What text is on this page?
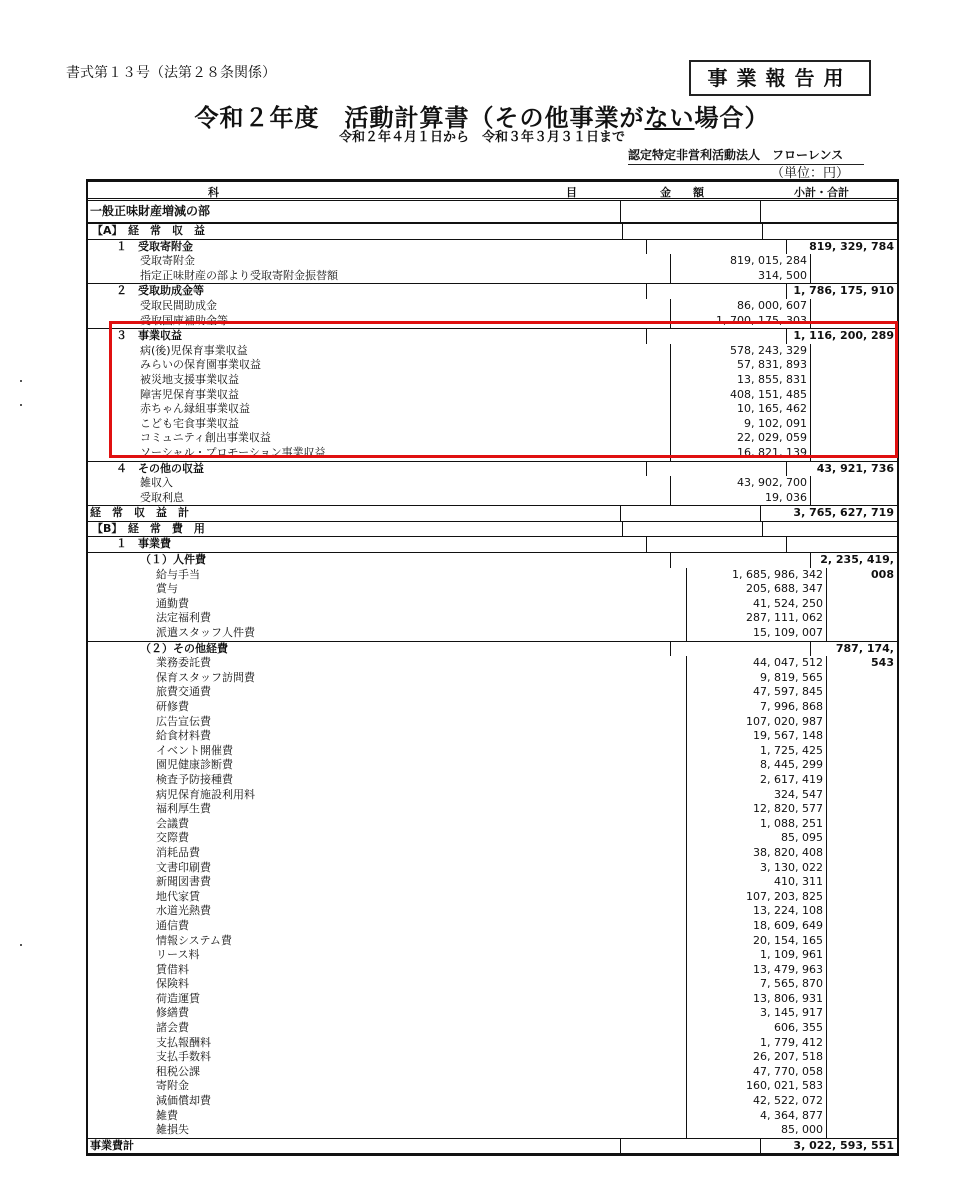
書式第１３号（法第２８条関係）	事業報告用
令和２年度　活動計算書（その他事業がない場合）
令和２年４月１日から　令和３年３月３１日まで
認定特定非営利活動法人　フローレンス
（単位：円）
科	目	金　　額	小計・合計
一般正味財産増減の部
【A】　経　常　収　益
１　受取寄附金	819, 329, 784
受取寄附金	819, 015, 284
指定正味財産の部より受取寄附金振替額	314, 500
２　受取助成金等	1, 786, 175, 910
受取民間助成金	86, 000, 607
受取国庫補助金等	1, 700, 175, 303
３　事業収益	1, 116, 200, 289
病(後)児保育事業収益	578, 243, 329
みらいの保育園事業収益	57, 831, 893
被災地支援事業収益	13, 855, 831
障害児保育事業収益	408, 151, 485
赤ちゃん縁組事業収益	10, 165, 462
こども宅食事業収益	9, 102, 091
コミュニティ創出事業収益	22, 029, 059
ソーシャル・プロモーション事業収益	16, 821, 139
４　その他の収益	43, 921, 736
雑収入	43, 902, 700
受取利息	19, 036
経　常　収　益　計	3, 765, 627, 719
【B】　経　常　費　用
１　事業費
（１）人件費	2, 235, 419, 008
給与手当	1, 685, 986, 342
賞与	205, 688, 347
通勤費	41, 524, 250
法定福利費	287, 111, 062
派遣スタッフ人件費	15, 109, 007
（２）その他経費	787, 174, 543
業務委託費	44, 047, 512
保育スタッフ訪問費	9, 819, 565
旅費交通費	47, 597, 845
研修費	7, 996, 868
広告宣伝費	107, 020, 987
給食材料費	19, 567, 148
イベント開催費	1, 725, 425
園児健康診断費	8, 445, 299
検査予防接種費	2, 617, 419
病児保育施設利用料	324, 547
福利厚生費	12, 820, 577
会議費	1, 088, 251
交際費	85, 095
消耗品費	38, 820, 408
文書印刷費	3, 130, 022
新聞図書費	410, 311
地代家賃	107, 203, 825
水道光熱費	13, 224, 108
通信費	18, 609, 649
情報システム費	20, 154, 165
リース料	1, 109, 961
賃借料	13, 479, 963
保険料	7, 565, 870
荷造運賃	13, 806, 931
修繕費	3, 145, 917
諸会費	606, 355
支払報酬料	1, 779, 412
支払手数料	26, 207, 518
租税公課	47, 770, 058
寄附金	160, 021, 583
減価償却費	42, 522, 072
雑費	4, 364, 877
雑損失	85, 000
事業費計	3, 022, 593, 551
